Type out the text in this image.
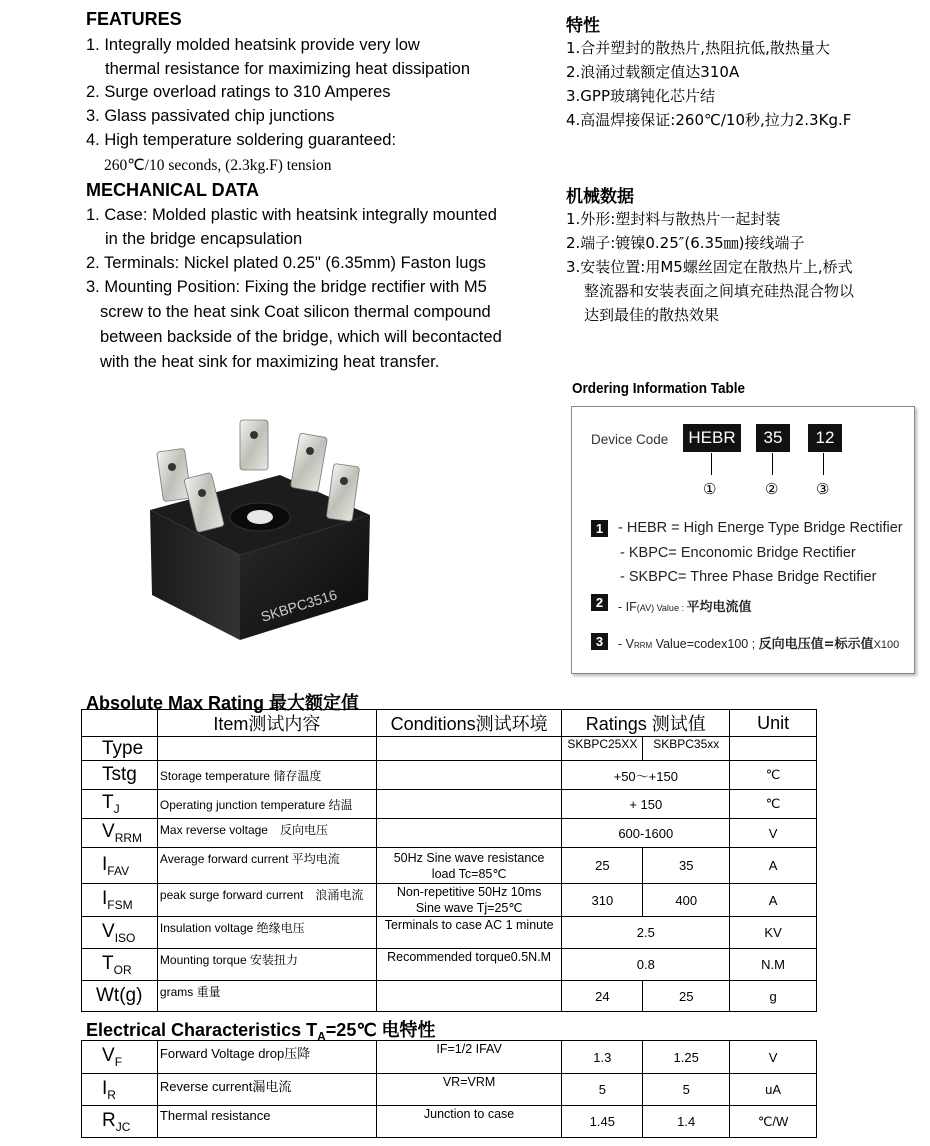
FEATURES
1. Integrally molded heatsink provide very low
thermal resistance for maximizing heat dissipation
2. Surge overload ratings to 310 Amperes
3. Glass passivated chip junctions
4. High temperature soldering guaranteed:
260℃/10 seconds, (2.3kg.F) tension
MECHANICAL DATA
1. Case: Molded plastic with heatsink integrally mounted
in the bridge encapsulation
2. Terminals: Nickel plated 0.25" (6.35mm) Faston lugs
3. Mounting Position: Fixing the bridge rectifier with M5
screw to the heat sink Coat silicon thermal compound
between backside of the bridge, which will becontacted
with the heat sink for maximizing heat transfer.
特性
1.合并塑封的散热片,热阻抗低,散热量大
2.浪涌过载额定值达310A
3.GPP玻璃钝化芯片结
4.高温焊接保证:260℃/10秒,拉力2.3Kg.F
机械数据
1.外形:塑封料与散热片一起封装
2.端子:镀镍0.25″(6.35㎜)接线端子
3.安装位置:用M5螺丝固定在散热片上,桥式
整流器和安装表面之间填充硅热混合物以
达到最佳的散热效果
SKBPC3516
Ordering Information Table
Device Code	HEBR	35	12
①	②	③
1	- HEBR = High Energe Type Bridge Rectifier
- KBPC= Enconomic Bridge Rectifier
- SKBPC= Three Phase Bridge Rectifier
2	- IF(AV) Value : 平均电流值
3	- VRRM Value=codex100 ; 反向电压值=标示值X100
Absolute Max Rating 最大额定值
	Item测试内容	Conditions测试环境	Ratings 测试值		Unit
Type			SKBPC25XX	SKBPC35xx	
Tstg	Storage temperature 储存温度		+50～+150		℃
$T_J$	Operating junction temperature 结温		+ 150		℃
$V_{RRM}$	Max reverse voltage　反向电压		600-1600		V
$I_{FAV}$	Average forward current 平均电流	50Hz Sine wave resistance
load Tc=85℃	25	35	A
$I_{FSM}$	peak surge forward current　浪涌电流	Non-repetitive 50Hz 10ms
Sine wave Tj=25℃	310	400	A
$V_{ISO}$	Insulation voltage 绝缘电压	Terminals to case AC 1 minute	2.5		KV
$T_{OR}$	Mounting torque 安装扭力	Recommended torque0.5N.M	0.8		N.M
Wt(g)	grams 重量		24	25	g
Electrical Characteristics $T_A=25℃$ 电特性
$V_F$	Forward Voltage drop压降	IF=1/2 IFAV	1.3	1.25	V
$I_R$	Reverse current漏电流	VR=VRM	5	5	uA
$R_{JC}$	Thermal resistance	Junction to case	1.45	1.4	℃/W
